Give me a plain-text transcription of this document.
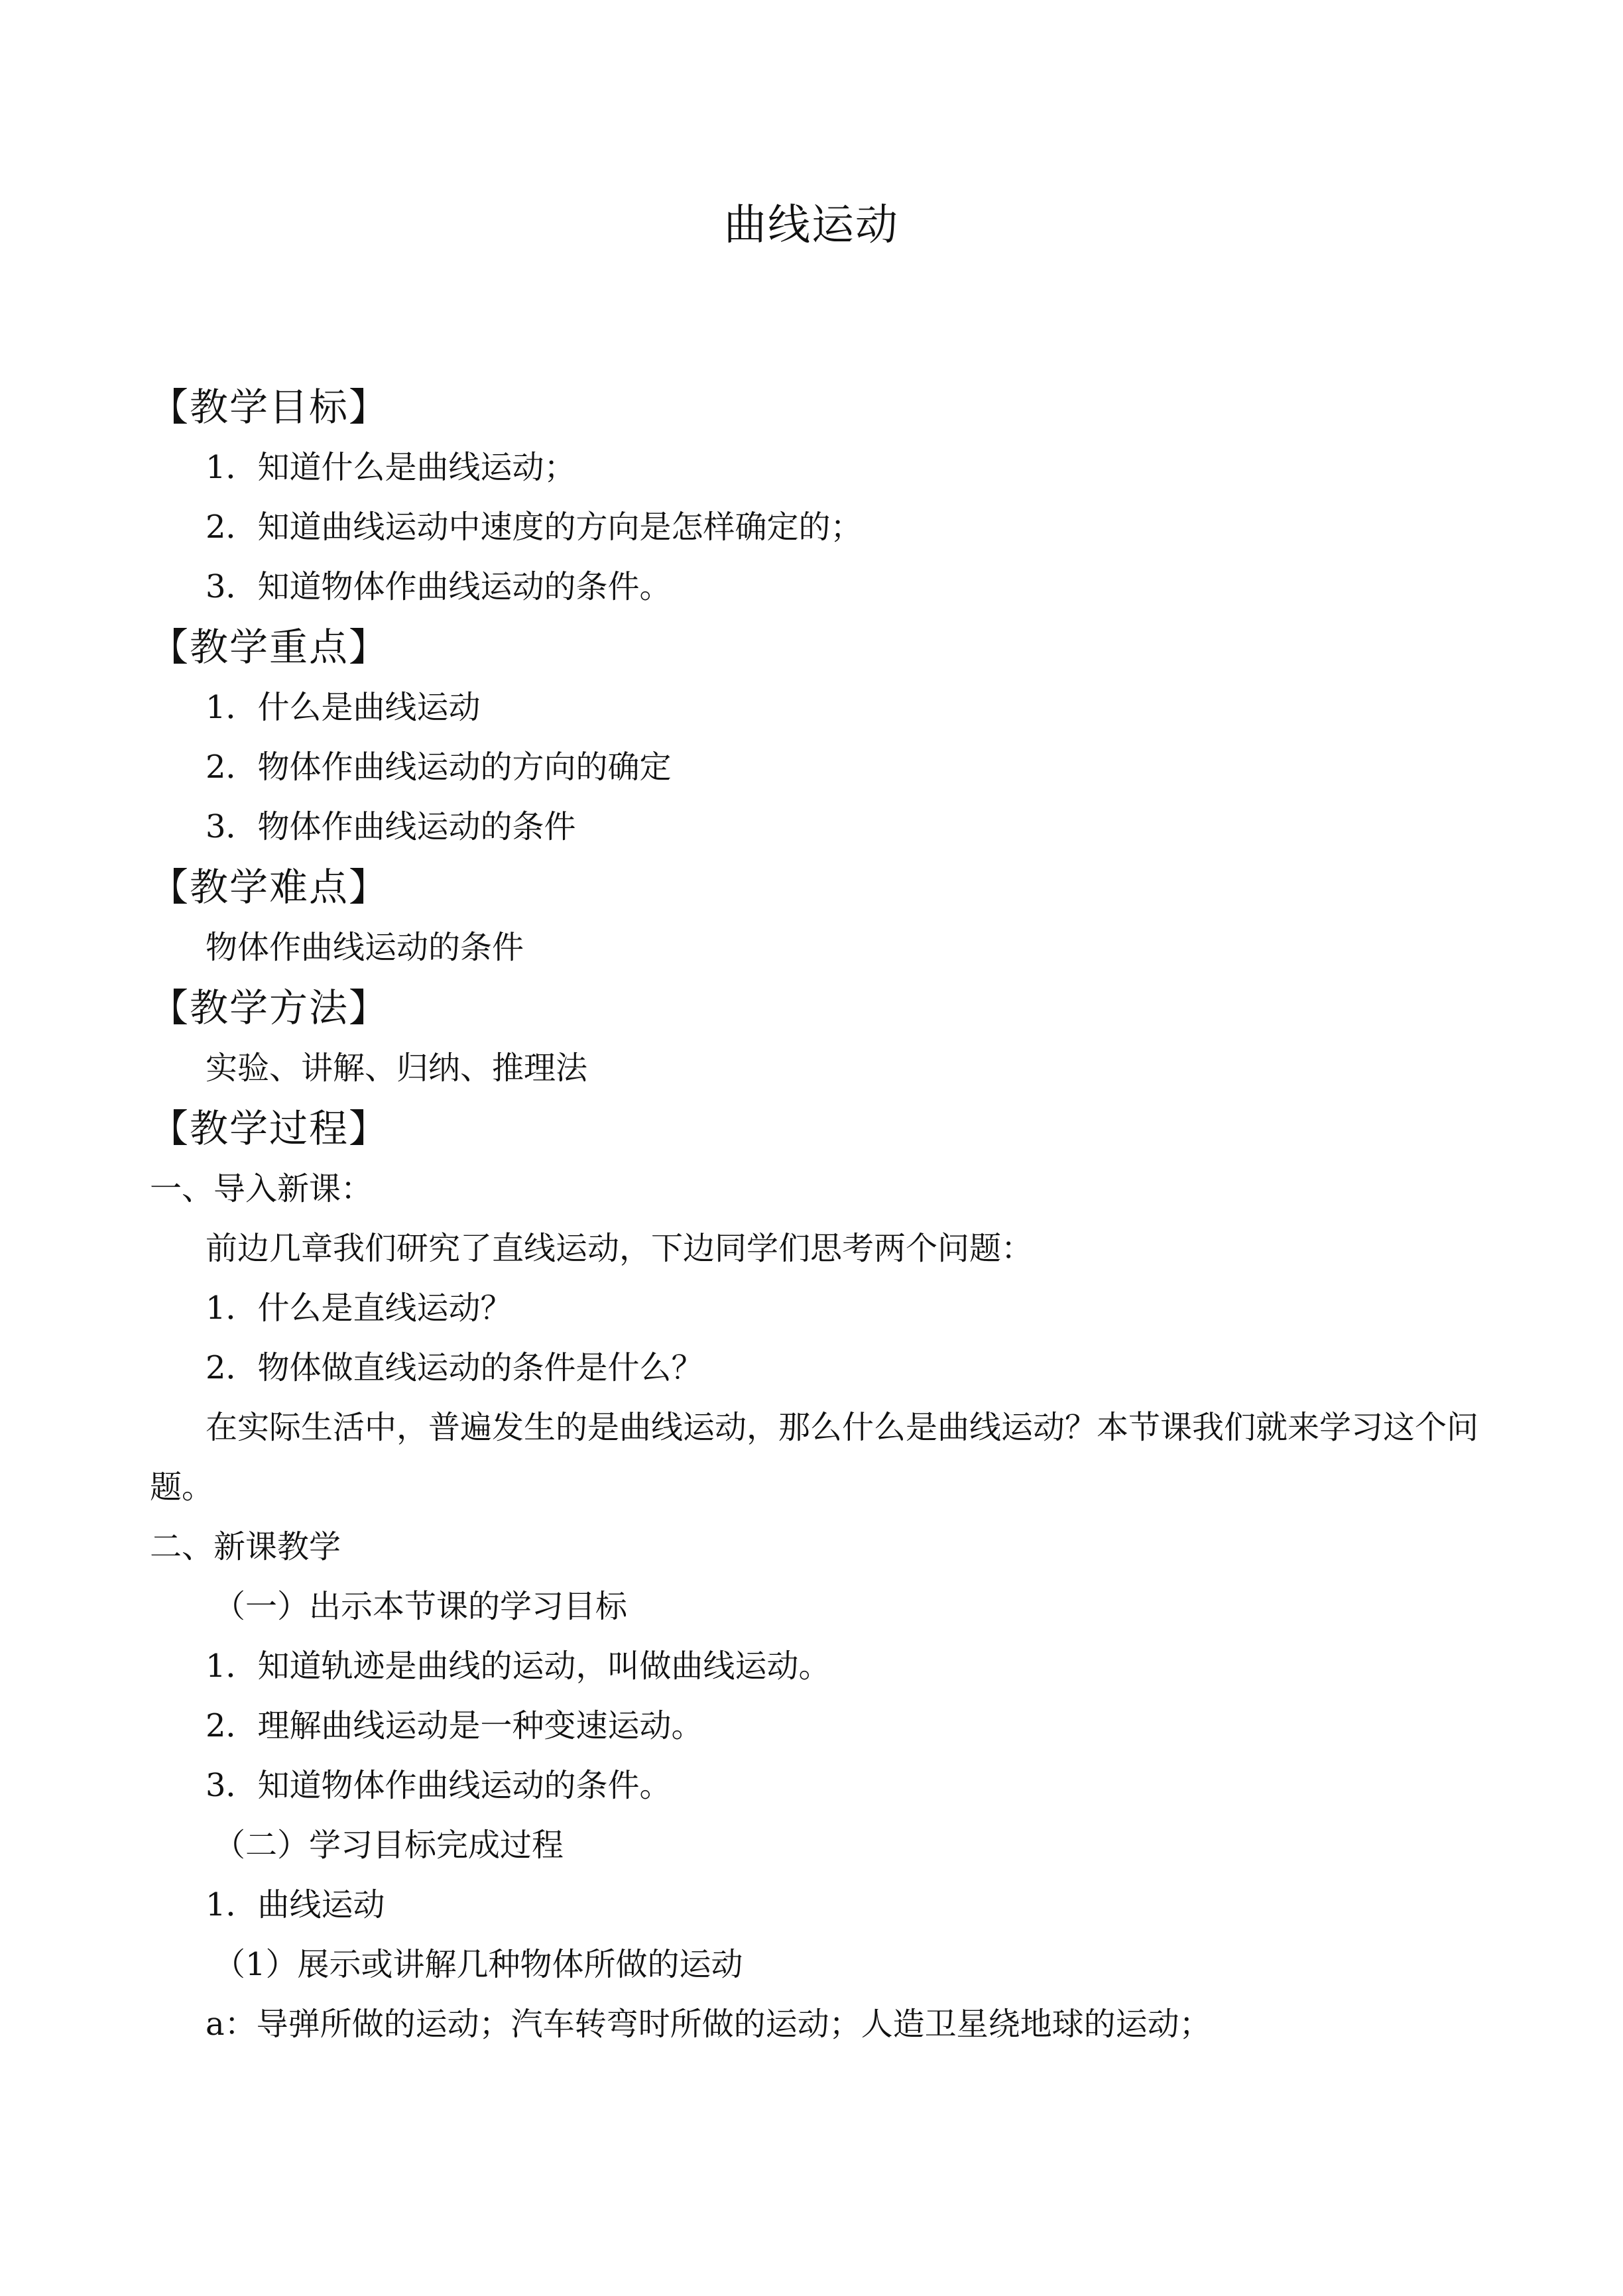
曲线运动
【教学目标】
1．知道什么是曲线运动；
2．知道曲线运动中速度的方向是怎样确定的；
3．知道物体作曲线运动的条件。
【教学重点】
1．什么是曲线运动
2．物体作曲线运动的方向的确定
3．物体作曲线运动的条件
【教学难点】
物体作曲线运动的条件
【教学方法】
实验、讲解、归纳、推理法
【教学过程】
一、导入新课：
前边几章我们研究了直线运动，下边同学们思考两个问题：
1．什么是直线运动？
2．物体做直线运动的条件是什么？
在实际生活中，普遍发生的是曲线运动，那么什么是曲线运动？本节课我们就来学习这个问题。
二、新课教学
（一）出示本节课的学习目标
1．知道轨迹是曲线的运动，叫做曲线运动。
2．理解曲线运动是一种变速运动。
3．知道物体作曲线运动的条件。
（二）学习目标完成过程
1．曲线运动
（1）展示或讲解几种物体所做的运动
a：导弹所做的运动；汽车转弯时所做的运动；人造卫星绕地球的运动；
